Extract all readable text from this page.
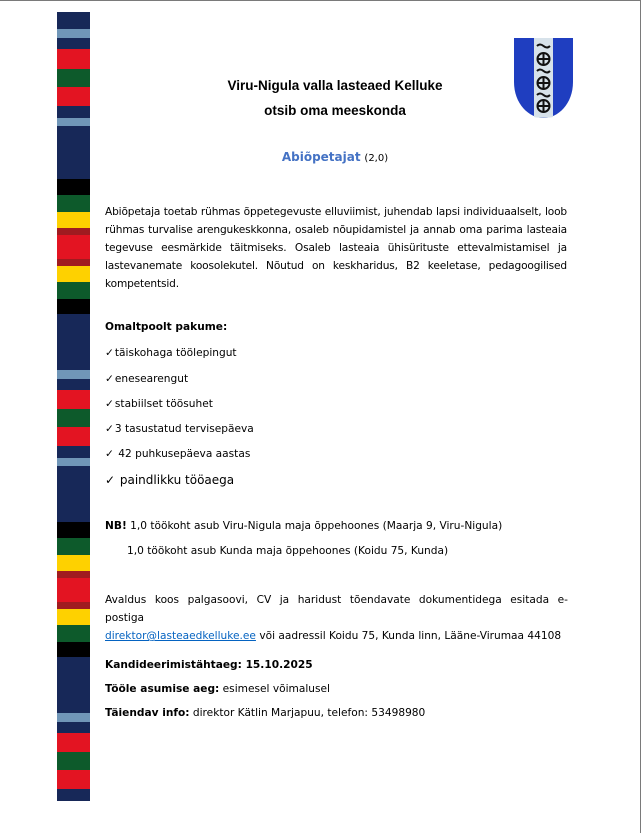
Viru-Nigula valla lasteaed Kelluke
otsib oma meeskonda
Abiõpetajat (2,0)
Abiõpetaja toetab rühmas õppetegevuste elluviimist, juhendab lapsi individuaalselt, loob rühmas turvalise arengukeskkonna, osaleb nõupidamistel ja annab oma parima lasteaia tegevuse eesmärkide täitmiseks. Osaleb lasteaia ühisürituste ettevalmistamisel ja lastevanemate koosolekutel. Nõutud on keskharidus, B2 keeletase, pedagoogilised kompetentsid.
Omaltpoolt pakume:
✓täiskohaga töölepingut
✓enesearengut
✓stabiilset töösuhet
✓3 tasustatud tervisepäeva
✓ 42 puhkusepäeva aastas
✓ paindlikku tööaega
NB! 1,0 töökoht asub Viru-Nigula maja õppehoones (Maarja 9, Viru-Nigula)
1,0 töökoht asub Kunda maja õppehoones (Koidu 75, Kunda)
Avaldus koos palgasoovi, CV ja haridust tõendavate dokumentidega esitada e-postiga
direktor@lasteaedkelluke.ee või aadressil Koidu 75, Kunda linn, Lääne-Virumaa 44108
Kandideerimistähtaeg: 15.10.2025
Tööle asumise aeg: esimesel võimalusel
Täiendav info: direktor Kätlin Marjapuu, telefon: 53498980
